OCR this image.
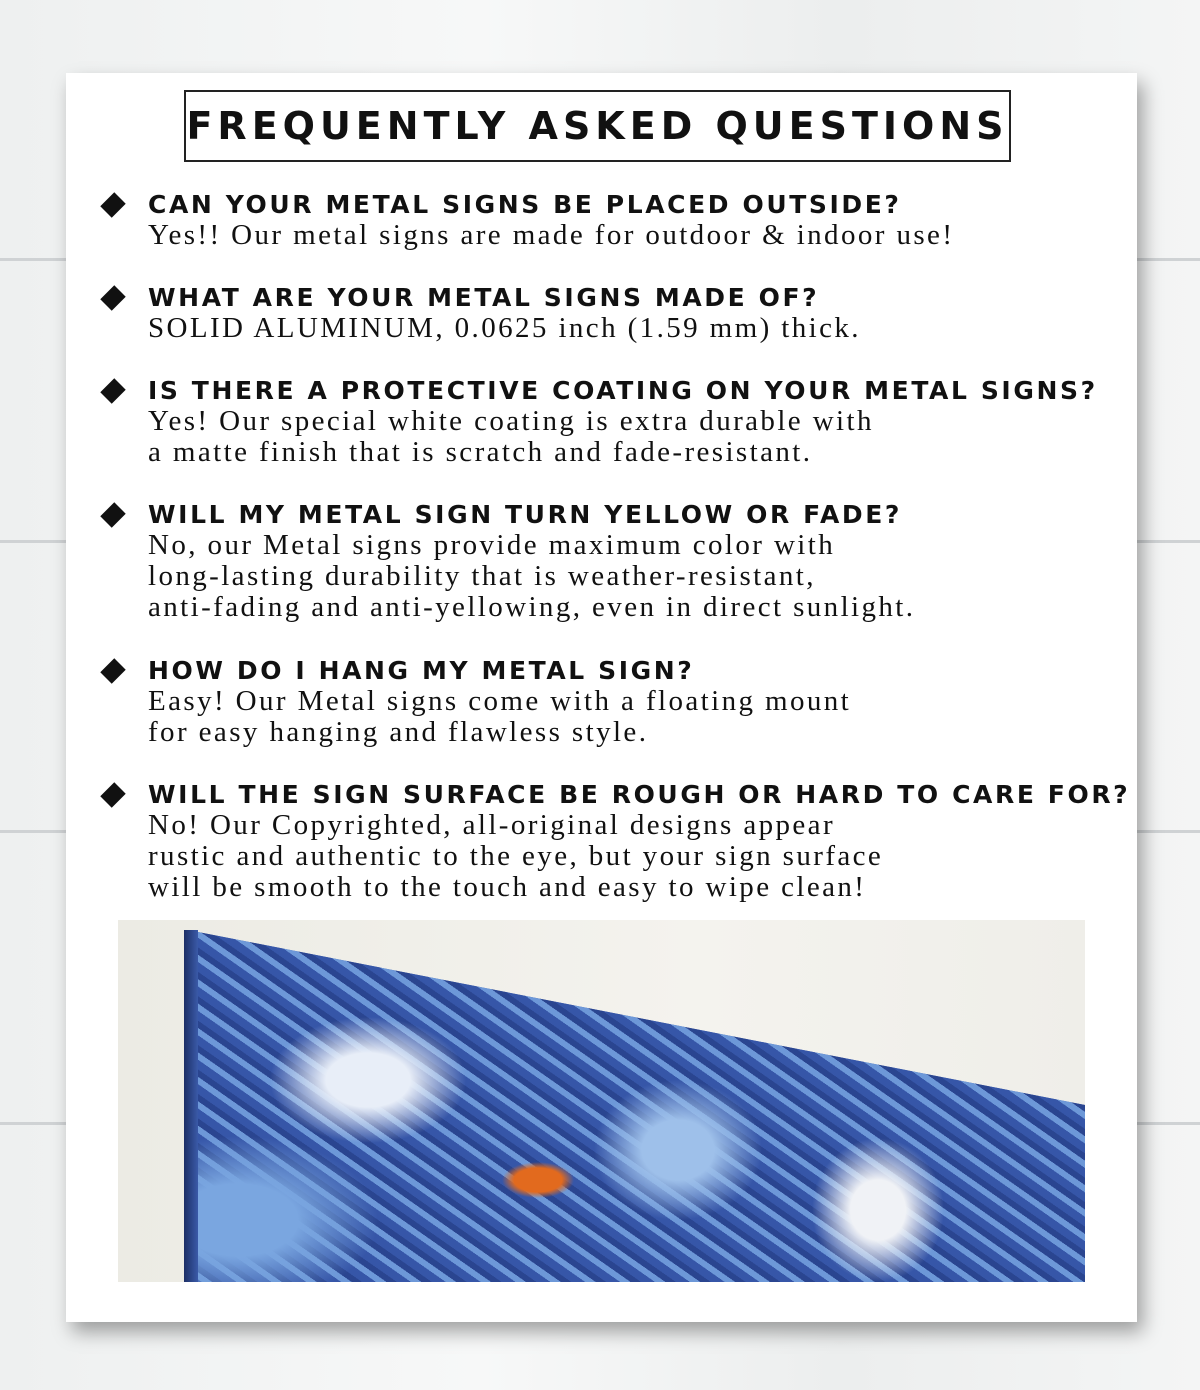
FREQUENTLY ASKED QUESTIONS
CAN YOUR METAL SIGNS BE PLACED OUTSIDE?
Yes!! Our metal signs are made for outdoor & indoor use!
WHAT ARE YOUR METAL SIGNS MADE OF?
SOLID ALUMINUM, 0.0625 inch (1.59 mm) thick.
IS THERE A PROTECTIVE COATING ON YOUR METAL SIGNS?
Yes! Our special white coating is extra durable with
a matte finish that is scratch and fade-resistant.
WILL MY METAL SIGN TURN YELLOW OR FADE?
No, our Metal signs provide maximum color with
long-lasting durability that is weather-resistant,
anti-fading and anti-yellowing, even in direct sunlight.
HOW DO I HANG MY METAL SIGN?
Easy! Our Metal signs come with a floating mount
for easy hanging and flawless style.
WILL THE SIGN SURFACE BE ROUGH OR HARD TO CARE FOR?
No! Our Copyrighted, all-original designs appear
rustic and authentic to the eye, but your sign surface
will be smooth to the touch and easy to wipe clean!
